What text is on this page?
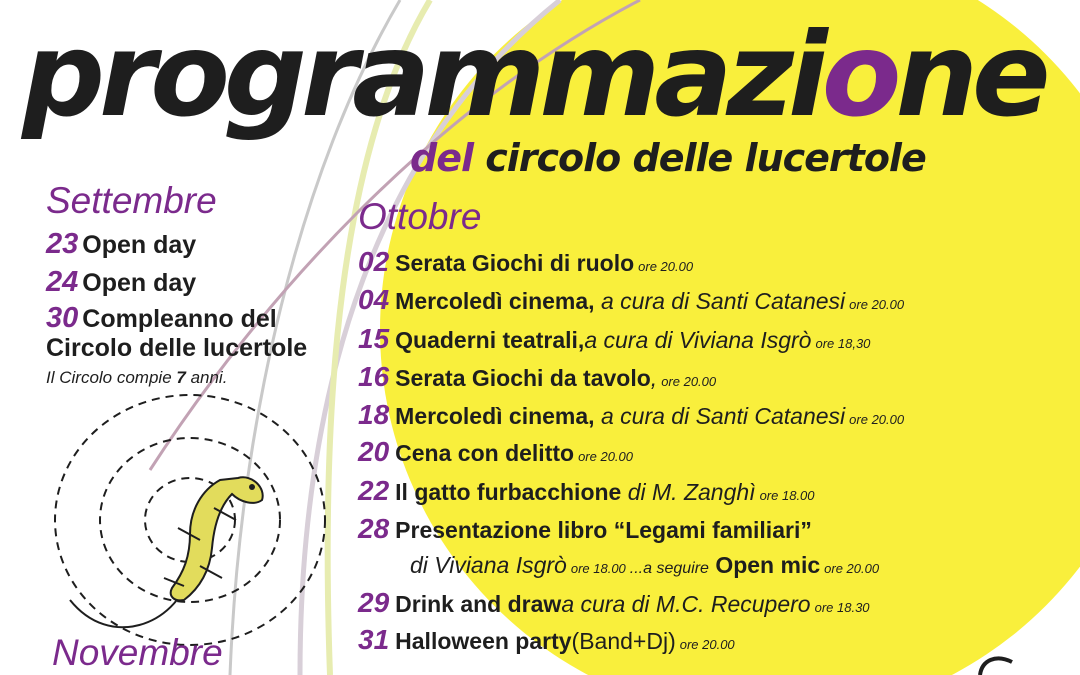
programmazione
del circolo delle lucertole
Settembre
23 Open day
24 Open day
30 Compleanno del
Circolo delle lucertole
Il Circolo compie 7 anni.
Ottobre
02 Serata Giochi di ruolo ore 20.00
04 Mercoledì cinema, a cura di Santi Catanesi ore 20.00
15 Quaderni teatrali,a cura di Viviana Isgrò ore 18,30
16 Serata Giochi da tavolo, ore 20.00
18 Mercoledì cinema, a cura di Santi Catanesi ore 20.00
20 Cena con delitto ore 20.00
22 Il gatto furbacchione di M. Zanghì ore 18.00
28 Presentazione libro “Legami familiari”
di Viviana Isgrò ore 18.00 ...a seguire Open mic ore 20.00
29 Drink and drawa cura di M.C. Recupero ore 18.30
31 Halloween party(Band+Dj) ore 20.00
Novembre
